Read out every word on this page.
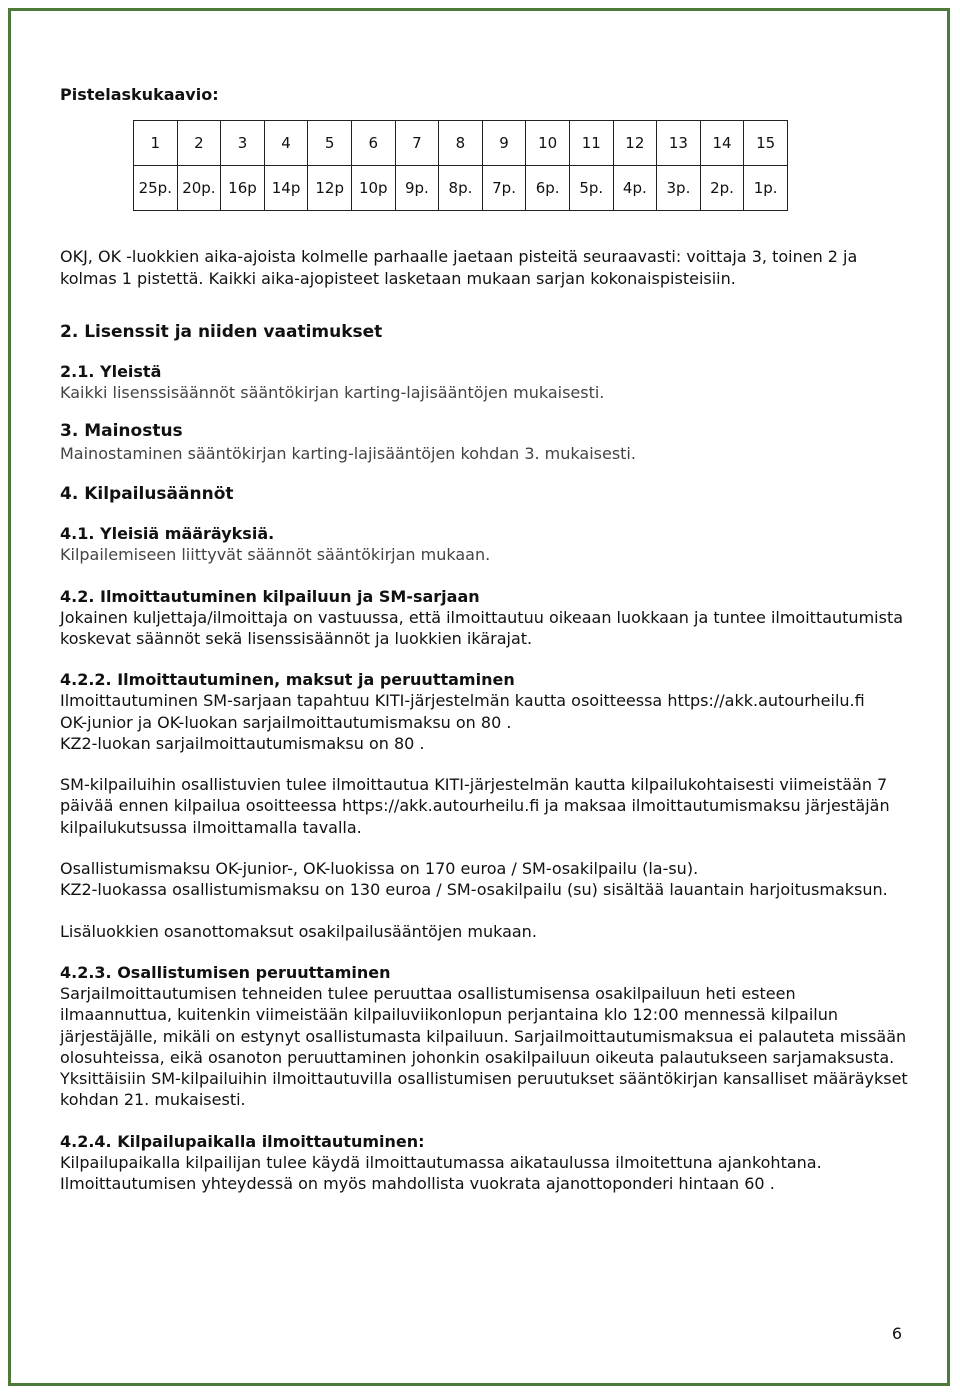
Pistelaskukaavio:

1	2	3	4	5	6	7	8	9	10	11	12	13	14	15
25p.	20p.	16p	14p	12p	10p	9p.	8p.	7p.	6p.	5p.	4p.	3p.	2p.	1p.

OKJ, OK -luokkien aika-ajoista kolmelle parhaalle jaetaan pisteitä seuraavasti: voittaja 3, toinen 2 ja kolmas 1 pistettä. Kaikki aika-ajopisteet lasketaan mukaan sarjan kokonaispisteisiin.

2. Lisenssit ja niiden vaatimukset

2.1. Yleistä

Kaikki lisenssisäännöt sääntökirjan karting-lajisääntöjen mukaisesti.

3. Mainostus

Mainostaminen sääntökirjan karting-lajisääntöjen kohdan 3. mukaisesti.

4. Kilpailusäännöt

4.1. Yleisiä määräyksiä.

Kilpailemiseen liittyvät säännöt sääntökirjan mukaan.

4.2. Ilmoittautuminen kilpailuun ja SM-sarjaan

Jokainen kuljettaja/ilmoittaja on vastuussa, että ilmoittautuu oikeaan luokkaan ja tuntee ilmoittautumista koskevat säännöt sekä lisenssisäännöt ja luokkien ikärajat.

4.2.2. Ilmoittautuminen, maksut ja peruuttaminen

Ilmoittautuminen SM-sarjaan tapahtuu KITI-järjestelmän kautta osoitteessa https://akk.autourheilu.fi

OK-junior ja OK-luokan sarjailmoittautumismaksu on 80 .

KZ2-luokan sarjailmoittautumismaksu on 80 .

SM-kilpailuihin osallistuvien tulee ilmoittautua KITI-järjestelmän kautta kilpailukohtaisesti viimeistään 7 päivää ennen kilpailua osoitteessa https://akk.autourheilu.fi ja maksaa ilmoittautumismaksu järjestäjän kilpailukutsussa ilmoittamalla tavalla.

Osallistumismaksu OK-junior-, OK-luokissa on 170 euroa / SM-osakilpailu (la-su).

KZ2-luokassa osallistumismaksu on 130 euroa / SM-osakilpailu (su) sisältää lauantain harjoitusmaksun.

Lisäluokkien osanottomaksut osakilpailusääntöjen mukaan.

4.2.3. Osallistumisen peruuttaminen

Sarjailmoittautumisen tehneiden tulee peruuttaa osallistumisensa osakilpailuun heti esteen ilmaannuttua, kuitenkin viimeistään kilpailuviikonlopun perjantaina klo 12:00 mennessä kilpailun järjestäjälle, mikäli on estynyt osallistumasta kilpailuun. Sarjailmoittautumismaksua ei palauteta missään olosuhteissa, eikä osanoton peruuttaminen johonkin osakilpailuun oikeuta palautukseen sarjamaksusta. Yksittäisiin SM-kilpailuihin ilmoittautuvilla osallistumisen peruutukset sääntökirjan kansalliset määräykset kohdan 21. mukaisesti.

4.2.4. Kilpailupaikalla ilmoittautuminen:

Kilpailupaikalla kilpailijan tulee käydä ilmoittautumassa aikataulussa ilmoitettuna ajankohtana. Ilmoittautumisen yhteydessä on myös mahdollista vuokrata ajanottoponderi hintaan 60 .

6
